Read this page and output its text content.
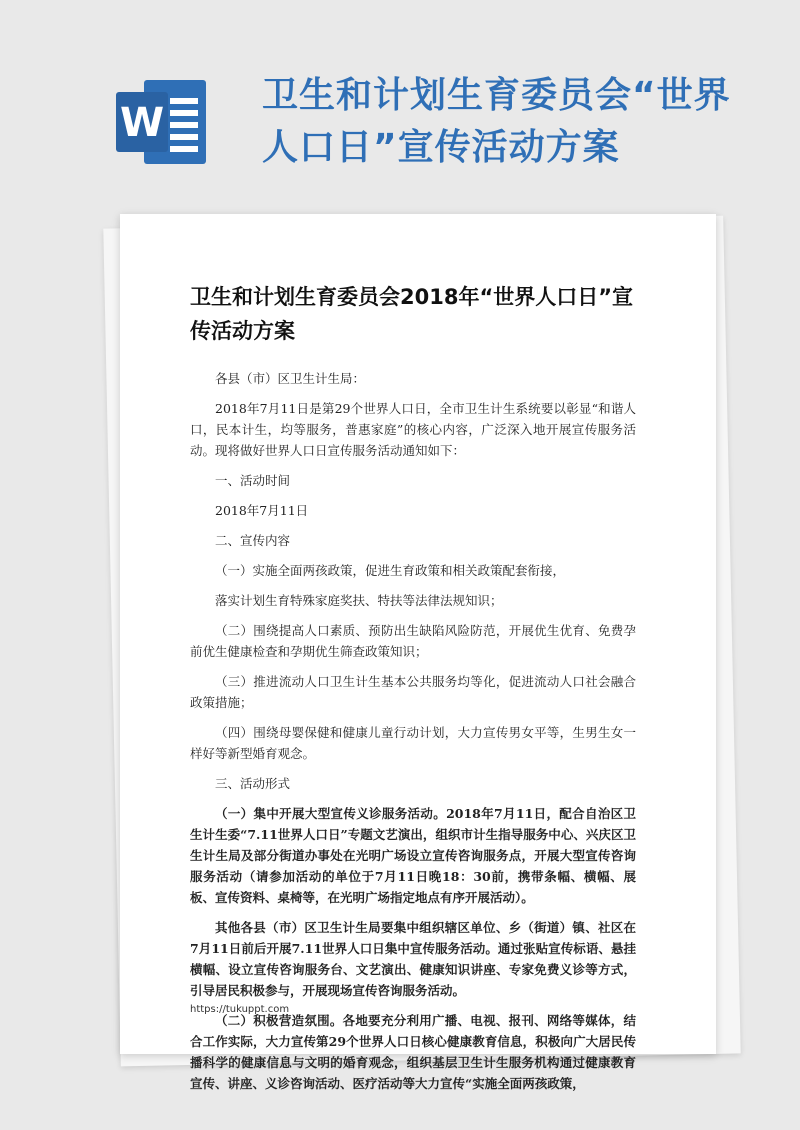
W
卫生和计划生育委员会“世界
人口日”宣传活动方案
卫生和计划生育委员会2018年“世界人口日”宣传活动方案

各县（市）区卫生计生局：

2018年7月11日是第29个世界人口日，全市卫生计生系统要以彰显“和谐人口，民本计生，均等服务，普惠家庭”的核心内容，广泛深入地开展宣传服务活动。现将做好世界人口日宣传服务活动通知如下：

一、活动时间

2018年7月11日

二、宣传内容

（一）实施全面两孩政策，促进生育政策和相关政策配套衔接，

落实计划生育特殊家庭奖扶、特扶等法律法规知识；

（二）围绕提高人口素质、预防出生缺陷风险防范，开展优生优育、免费孕前优生健康检查和孕期优生筛查政策知识；

（三）推进流动人口卫生计生基本公共服务均等化，促进流动人口社会融合政策措施；

（四）围绕母婴保健和健康儿童行动计划，大力宣传男女平等，生男生女一样好等新型婚育观念。

三、活动形式

（一）集中开展大型宣传义诊服务活动。2018年7月11日，配合自治区卫生计生委“7.11世界人口日”专题文艺演出，组织市计生指导服务中心、兴庆区卫生计生局及部分街道办事处在光明广场设立宣传咨询服务点，开展大型宣传咨询服务活动（请参加活动的单位于7月11日晚18：30前，携带条幅、横幅、展板、宣传资料、桌椅等，在光明广场指定地点有序开展活动）。

其他各县（市）区卫生计生局要集中组织辖区单位、乡（街道）镇、社区在7月11日前后开展7.11世界人口日集中宣传服务活动。通过张贴宣传标语、悬挂横幅、设立宣传咨询服务台、文艺演出、健康知识讲座、专家免费义诊等方式，引导居民积极参与，开展现场宣传咨询服务活动。

（二）积极营造氛围。各地要充分利用广播、电视、报刊、网络等媒体，结合工作实际，大力宣传第29个世界人口日核心健康教育信息，积极向广大居民传播科学的健康信息与文明的婚育观念，组织基层卫生计生服务机构通过健康教育宣传、讲座、义诊咨询活动、医疗活动等大力宣传“实施全面两孩政策，

https://tukuppt.com
